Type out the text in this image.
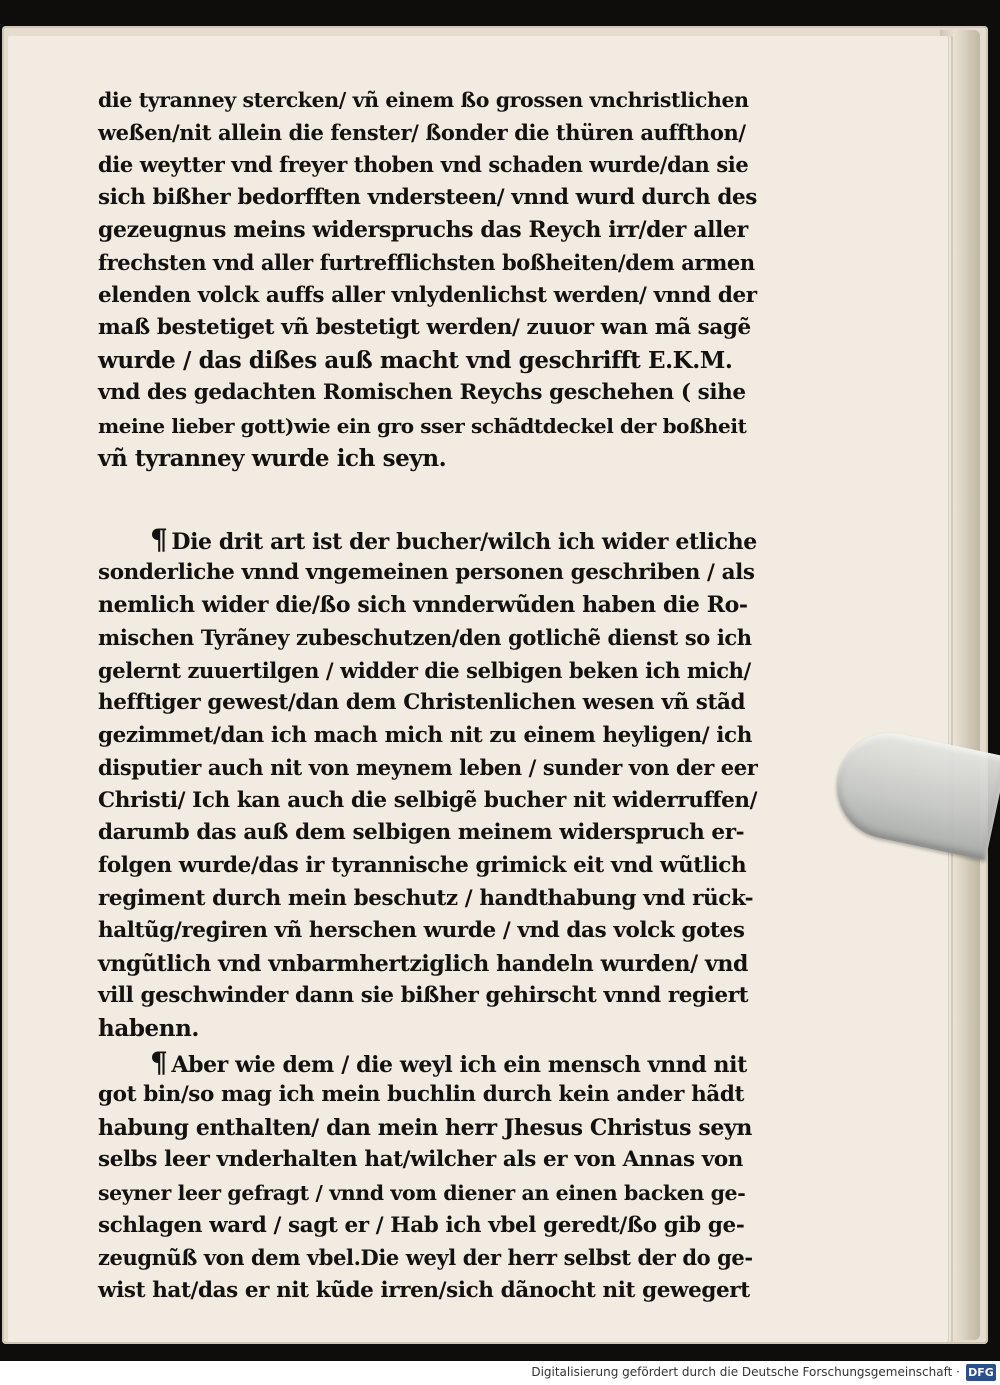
die tyranney stercken/ vñ einem ßo grossen vnchristlichen
weßen/nit allein die fenster/ ßonder die thüren auffthon/
die weytter vnd freyer thoben vnd schaden wurde/dan sie
sich bißher bedorfften vndersteen/ vnnd wurd durch des
gezeugnus meins widerspruchs das Reych irr/der aller
frechsten vnd aller furtrefflichsten boßheiten/dem armen
elenden volck auffs aller vnlydenlichst werden/ vnnd der
maß bestetiget vñ bestetigt werden/ zuuor wan mã sagẽ
wurde / das dißes auß macht vnd geschrifft E.K.M.
vnd des gedachten Romischen Reychs geschehen ( sihe
meine lieber gott)wie ein gro sser schãdtdeckel der boßheit
vñ tyranney wurde ich seyn.
¶ Die drit art ist der bucher/wilch ich wider etliche
sonderliche vnnd vngemeinen personen geschriben / als
nemlich wider die/ßo sich vnnderwũden haben die Ro-
mischen Tyrãney zubeschutzen/den gotlichẽ dienst so ich
gelernt zuuertilgen / widder die selbigen beken ich mich/
hefftiger gewest/dan dem Christenlichen wesen vñ stãd
gezimmet/dan ich mach mich nit zu einem heyligen/ ich
disputier auch nit von meynem leben / sunder von der eer
Christi/ Ich kan auch die selbigẽ bucher nit widerruffen/
darumb das auß dem selbigen meinem widerspruch er-
folgen wurde/das ir tyrannische grimick eit vnd wũtlich
regiment durch mein beschutz / handthabung vnd rück-
haltũg/regiren vñ herschen wurde / vnd das volck gotes
vngũtlich vnd vnbarmhertziglich handeln wurden/ vnd
vill geschwinder dann sie bißher gehirscht vnnd regiert
habenn.
¶ Aber wie dem / die weyl ich ein mensch vnnd nit
got bin/so mag ich mein buchlin durch kein ander hãdt
habung enthalten/ dan mein herr Jhesus Christus seyn
selbs leer vnderhalten hat/wilcher als er von Annas von
seyner leer gefragt / vnnd vom diener an einen backen ge-
schlagen ward / sagt er / Hab ich vbel geredt/ßo gib ge-
zeugnũß von dem vbel.Die weyl der herr selbst der do ge-
wist hat/das er nit kũde irren/sich dãnocht nit gewegert
Digitalisierung gefördert durch die Deutsche Forschungsgemeinschaft · DFG
